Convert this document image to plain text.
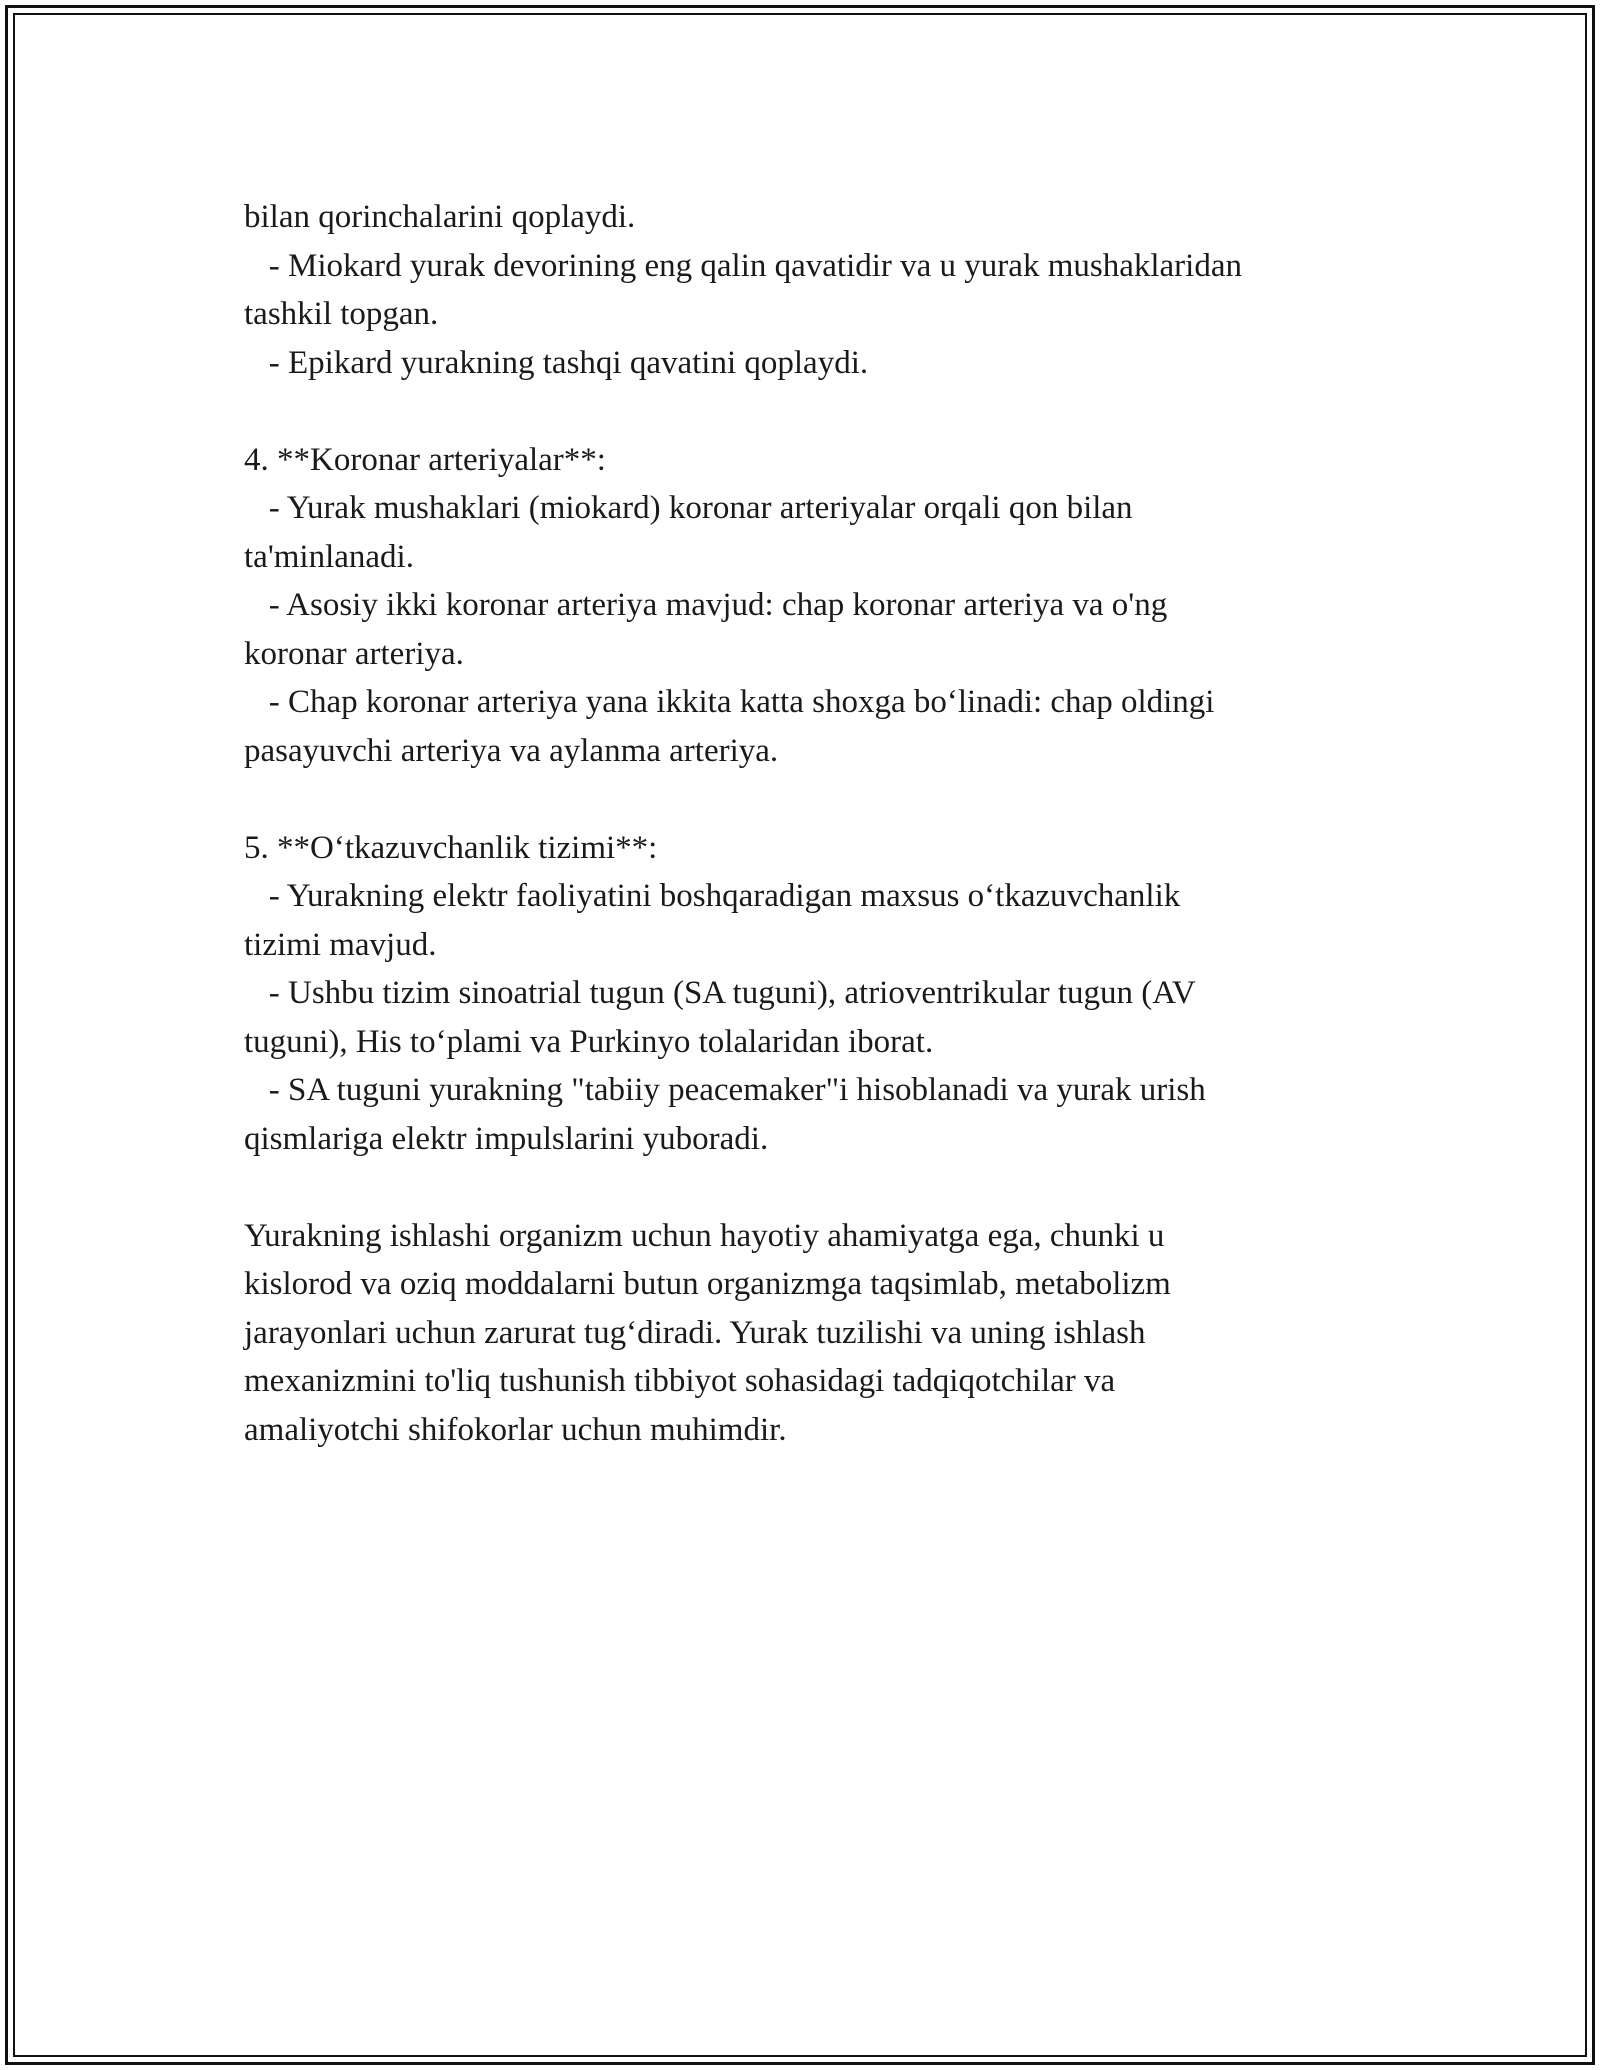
bilan qorinchalarini qoplaydi.
- Miokard yurak devorining eng qalin qavatidir va u yurak mushaklaridan
tashkil topgan.
- Epikard yurakning tashqi qavatini qoplaydi.
4. **Koronar arteriyalar**:
- Yurak mushaklari (miokard) koronar arteriyalar orqali qon bilan
ta'minlanadi.
- Asosiy ikki koronar arteriya mavjud: chap koronar arteriya va o'ng
koronar arteriya.
- Chap koronar arteriya yana ikkita katta shoxga bo‘linadi: chap oldingi
pasayuvchi arteriya va aylanma arteriya.
5. **O‘tkazuvchanlik tizimi**:
- Yurakning elektr faoliyatini boshqaradigan maxsus o‘tkazuvchanlik
tizimi mavjud.
- Ushbu tizim sinoatrial tugun (SA tuguni), atrioventrikular tugun (AV
tuguni), His to‘plami va Purkinyo tolalaridan iborat.
- SA tuguni yurakning "tabiiy peacemaker"i hisoblanadi va yurak urish
qismlariga elektr impulslarini yuboradi.
Yurakning ishlashi organizm uchun hayotiy ahamiyatga ega, chunki u
kislorod va oziq moddalarni butun organizmga taqsimlab, metabolizm
jarayonlari uchun zarurat tug‘diradi. Yurak tuzilishi va uning ishlash
mexanizmini to'liq tushunish tibbiyot sohasidagi tadqiqotchilar va
amaliyotchi shifokorlar uchun muhimdir.
